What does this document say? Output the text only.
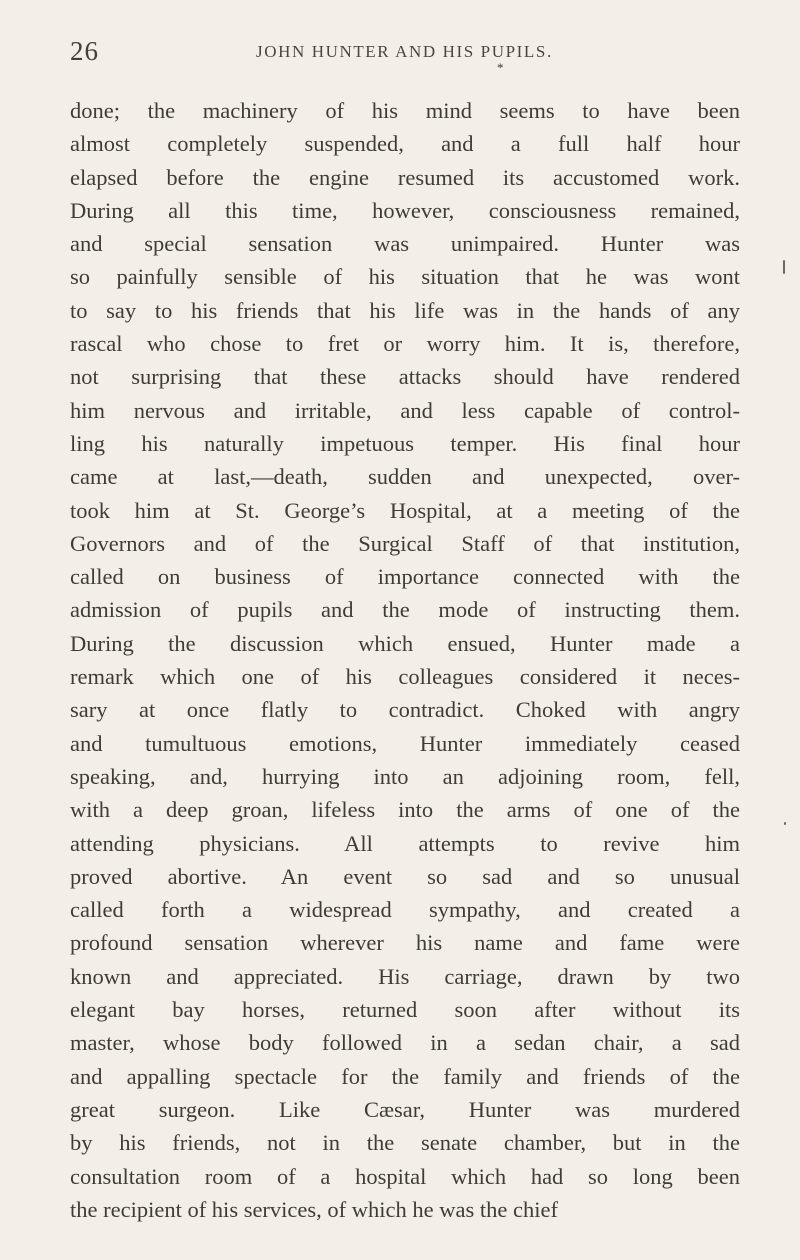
26	JOHN HUNTER AND HIS PUPILS.
*
done; the machinery of his mind seems to have been
almost completely suspended, and a full half hour
elapsed before the engine resumed its accustomed work.
During all this time, however, consciousness remained,
and special sensation was unimpaired. Hunter was
so painfully sensible of his situation that he was wont
to say to his friends that his life was in the hands of any
rascal who chose to fret or worry him. It is, therefore,
not surprising that these attacks should have rendered
him nervous and irritable, and less capable of control-
ling his naturally impetuous temper. His final hour
came at last,—death, sudden and unexpected, over-
took him at St. George’s Hospital, at a meeting of the
Governors and of the Surgical Staff of that institution,
called on business of importance connected with the
admission of pupils and the mode of instructing them.
During the discussion which ensued, Hunter made a
remark which one of his colleagues considered it neces-
sary at once flatly to contradict. Choked with angry
and tumultuous emotions, Hunter immediately ceased
speaking, and, hurrying into an adjoining room, fell,
with a deep groan, lifeless into the arms of one of the
attending physicians. All attempts to revive him
proved abortive. An event so sad and so unusual
called forth a widespread sympathy, and created a
profound sensation wherever his name and fame were
known and appreciated. His carriage, drawn by two
elegant bay horses, returned soon after without its
master, whose body followed in a sedan chair, a sad
and appalling spectacle for the family and friends of the
great surgeon. Like Cæsar, Hunter was murdered
by his friends, not in the senate chamber, but in the
consultation room of a hospital which had so long been
the recipient of his services, of which he was the chief
